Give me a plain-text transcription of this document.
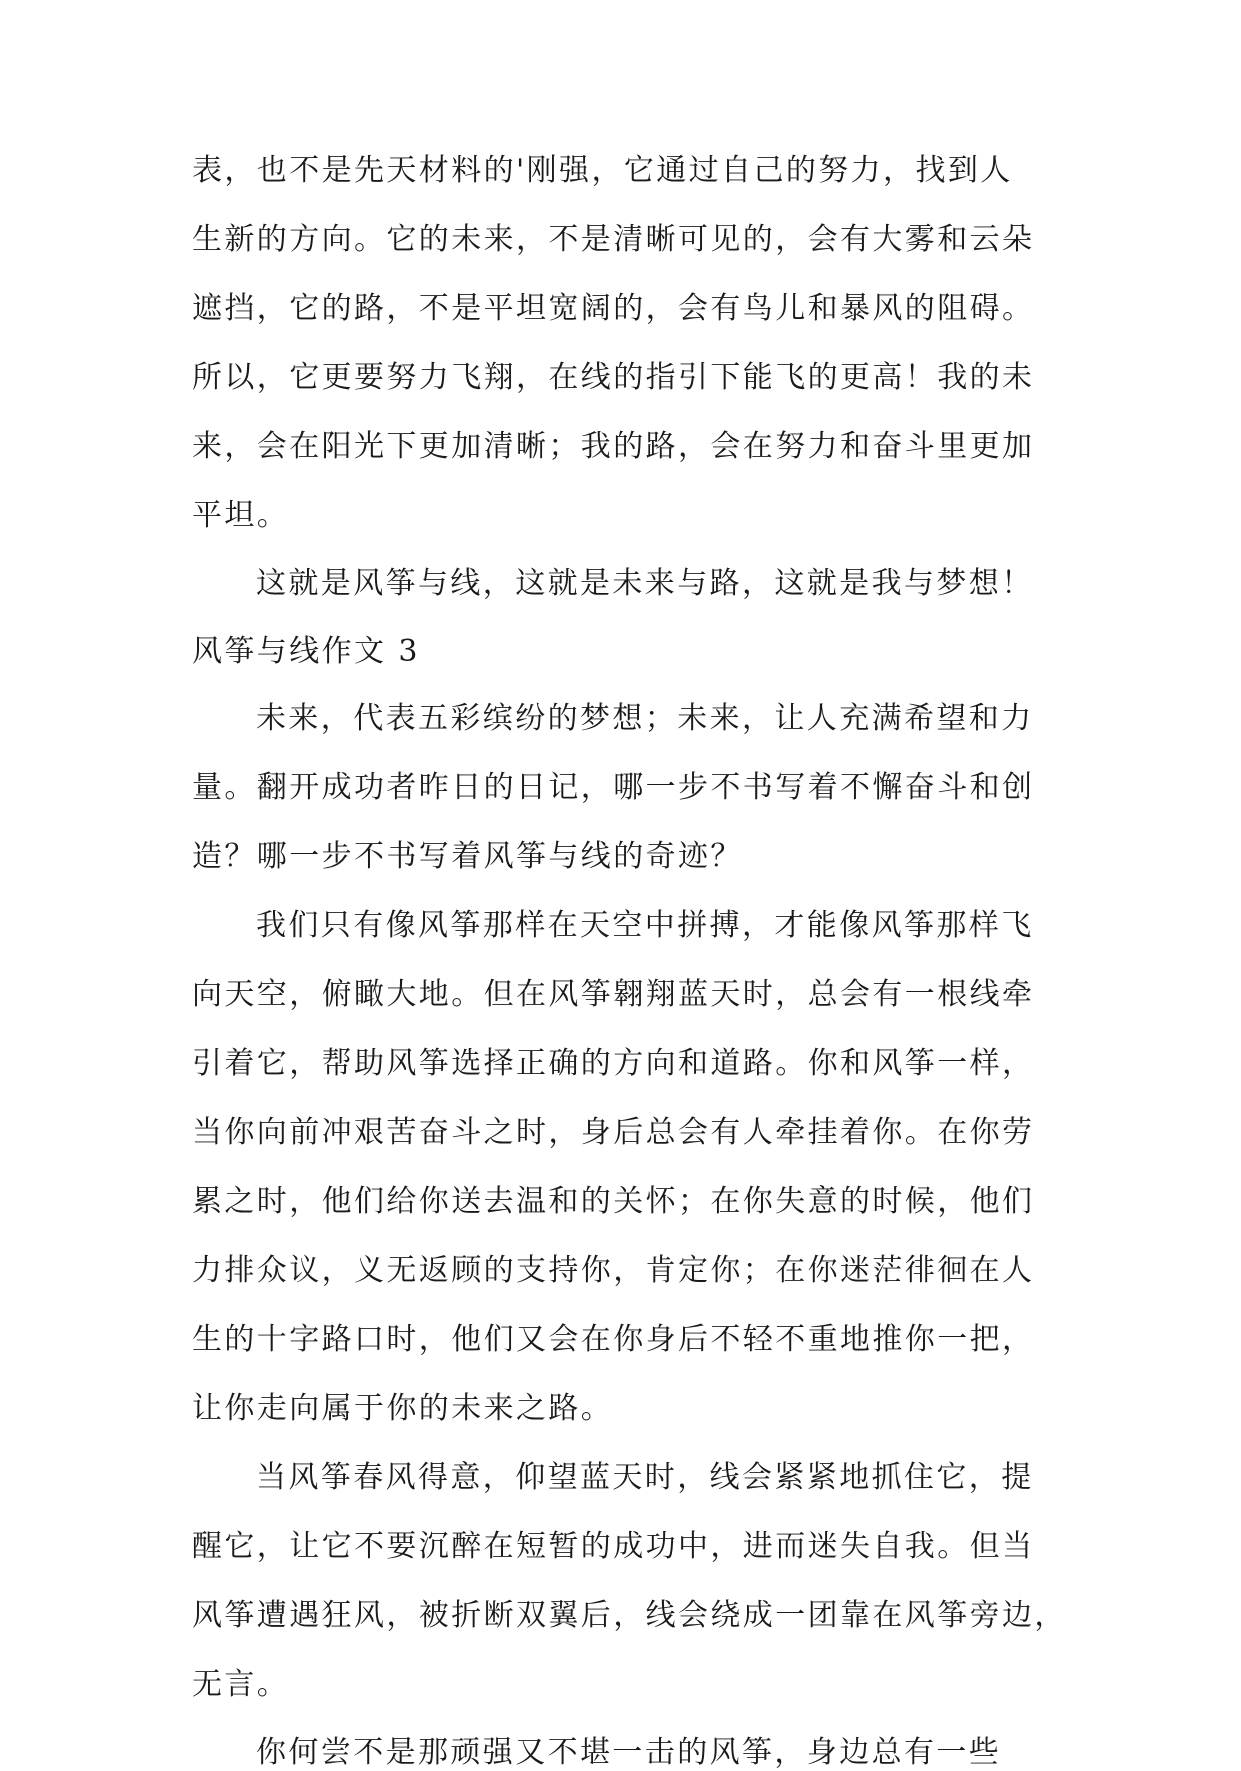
表，也不是先天材料的'刚强，它通过自己的努力，找到人
生新的方向。它的未来，不是清晰可见的，会有大雾和云朵
遮挡，它的路，不是平坦宽阔的，会有鸟儿和暴风的阻碍。
所以，它更要努力飞翔，在线的指引下能飞的更高！我的未
来，会在阳光下更加清晰；我的路，会在努力和奋斗里更加
平坦。
这就是风筝与线，这就是未来与路，这就是我与梦想！
风筝与线作文 3
未来，代表五彩缤纷的梦想；未来，让人充满希望和力
量。翻开成功者昨日的日记，哪一步不书写着不懈奋斗和创
造？哪一步不书写着风筝与线的奇迹？
我们只有像风筝那样在天空中拼搏，才能像风筝那样飞
向天空，俯瞰大地。但在风筝翱翔蓝天时，总会有一根线牵
引着它，帮助风筝选择正确的方向和道路。你和风筝一样，
当你向前冲艰苦奋斗之时，身后总会有人牵挂着你。在你劳
累之时，他们给你送去温和的关怀；在你失意的时候，他们
力排众议，义无返顾的支持你，肯定你；在你迷茫徘徊在人
生的十字路口时，他们又会在你身后不轻不重地推你一把，
让你走向属于你的未来之路。
当风筝春风得意，仰望蓝天时，线会紧紧地抓住它，提
醒它，让它不要沉醉在短暂的成功中，进而迷失自我。但当
风筝遭遇狂风，被折断双翼后，线会绕成一团靠在风筝旁边，
无言。
你何尝不是那顽强又不堪一击的风筝，身边总有一些
